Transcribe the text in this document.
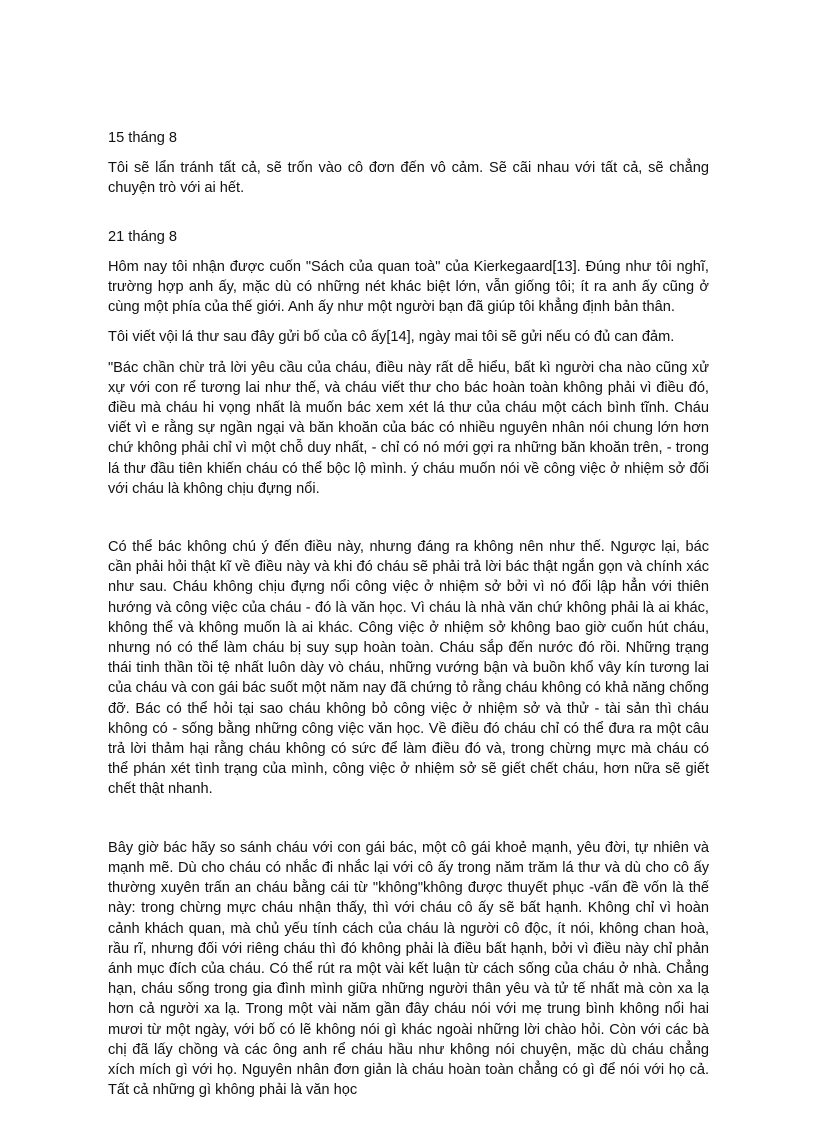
15 tháng 8

Tôi sẽ lẩn tránh tất cả, sẽ trốn vào cô đơn đến vô cảm. Sẽ cãi nhau với tất cả, sẽ chẳng chuyện trò với ai hết.

21 tháng 8

Hôm nay tôi nhận được cuốn "Sách của quan toà" của Kierkegaard[13]. Đúng như tôi nghĩ, trường hợp anh ấy, mặc dù có những nét khác biệt lớn, vẫn giống tôi; ít ra anh ấy cũng ở cùng một phía của thế giới. Anh ấy như một người bạn đã giúp tôi khẳng định bản thân.

Tôi viết vội lá thư sau đây gửi bố của cô ấy[14], ngày mai tôi sẽ gửi nếu có đủ can đảm.

"Bác chần chừ trả lời yêu cầu của cháu, điều này rất dễ hiểu, bất kì người cha nào cũng xử xự với con rể tương lai như thế, và cháu viết thư cho bác hoàn toàn không phải vì điều đó, điều mà cháu hi vọng nhất là muốn bác xem xét lá thư của cháu một cách bình tĩnh. Cháu viết vì e rằng sự ngần ngại và băn khoăn của bác có nhiều nguyên nhân nói chung lớn hơn chứ không phải chỉ vì một chỗ duy nhất, - chỉ có nó mới gợi ra những băn khoăn trên, - trong lá thư đầu tiên khiến cháu có thể bộc lộ mình. ý cháu muốn nói về công việc ở nhiệm sở đối với cháu là không chịu đựng nổi.

Có thể bác không chú ý đến điều này, nhưng đáng ra không nên như thế. Ngược lại, bác cần phải hỏi thật kĩ về điều này và khi đó cháu sẽ phải trả lời bác thật ngắn gọn và chính xác như sau. Cháu không chịu đựng nổi công việc ở nhiệm sở bởi vì nó đối lập hẳn với thiên hướng và công việc của cháu - đó là văn học. Vì cháu là nhà văn chứ không phải là ai khác, không thể và không muốn là ai khác. Công việc ở nhiệm sở không bao giờ cuốn hút cháu, nhưng nó có thể làm cháu bị suy sụp hoàn toàn. Cháu sắp đến nước đó rồi. Những trạng thái tinh thần tồi tệ nhất luôn dày vò cháu, những vướng bận và buồn khổ vây kín tương lai của cháu và con gái bác suốt một năm nay đã chứng tỏ rằng cháu không có khả năng chống đỡ. Bác có thể hỏi tại sao cháu không bỏ công việc ở nhiệm sở và thử - tài sản thì cháu không có - sống bằng những công việc văn học. Về điều đó cháu chỉ có thể đưa ra một câu trả lời thảm hại rằng cháu không có sức để làm điều đó và, trong chừng mực mà cháu có thể phán xét tình trạng của mình, công việc ở nhiệm sở sẽ giết chết cháu, hơn nữa sẽ giết chết thật nhanh.

Bây giờ bác hãy so sánh cháu với con gái bác, một cô gái khoẻ mạnh, yêu đời, tự nhiên và mạnh mẽ. Dù cho cháu có nhắc đi nhắc lại với cô ấy trong năm trăm lá thư và dù cho cô ấy thường xuyên trấn an cháu bằng cái từ "không"không được thuyết phục -vấn đề vốn là thế này: trong chừng mực cháu nhận thấy, thì với cháu cô ấy sẽ bất hạnh. Không chỉ vì hoàn cảnh khách quan, mà chủ yếu tính cách của cháu là người cô độc, ít nói, không chan hoà, rầu rĩ, nhưng đối với riêng cháu thì đó không phải là điều bất hạnh, bởi vì điều này chỉ phản ánh mục đích của cháu. Có thể rút ra một vài kết luận từ cách sống của cháu ở nhà. Chẳng hạn, cháu sống trong gia đình mình giữa những người thân yêu và tử tế nhất mà còn xa lạ hơn cả người xa lạ. Trong một vài năm gần đây cháu nói với mẹ trung bình không nổi hai mươi từ một ngày, với bố có lẽ không nói gì khác ngoài những lời chào hỏi. Còn với các bà chị đã lấy chồng và các ông anh rể cháu hầu như không nói chuyện, mặc dù cháu chẳng xích mích gì với họ. Nguyên nhân đơn giản là cháu hoàn toàn chẳng có gì để nói với họ cả. Tất cả những gì không phải là văn học
